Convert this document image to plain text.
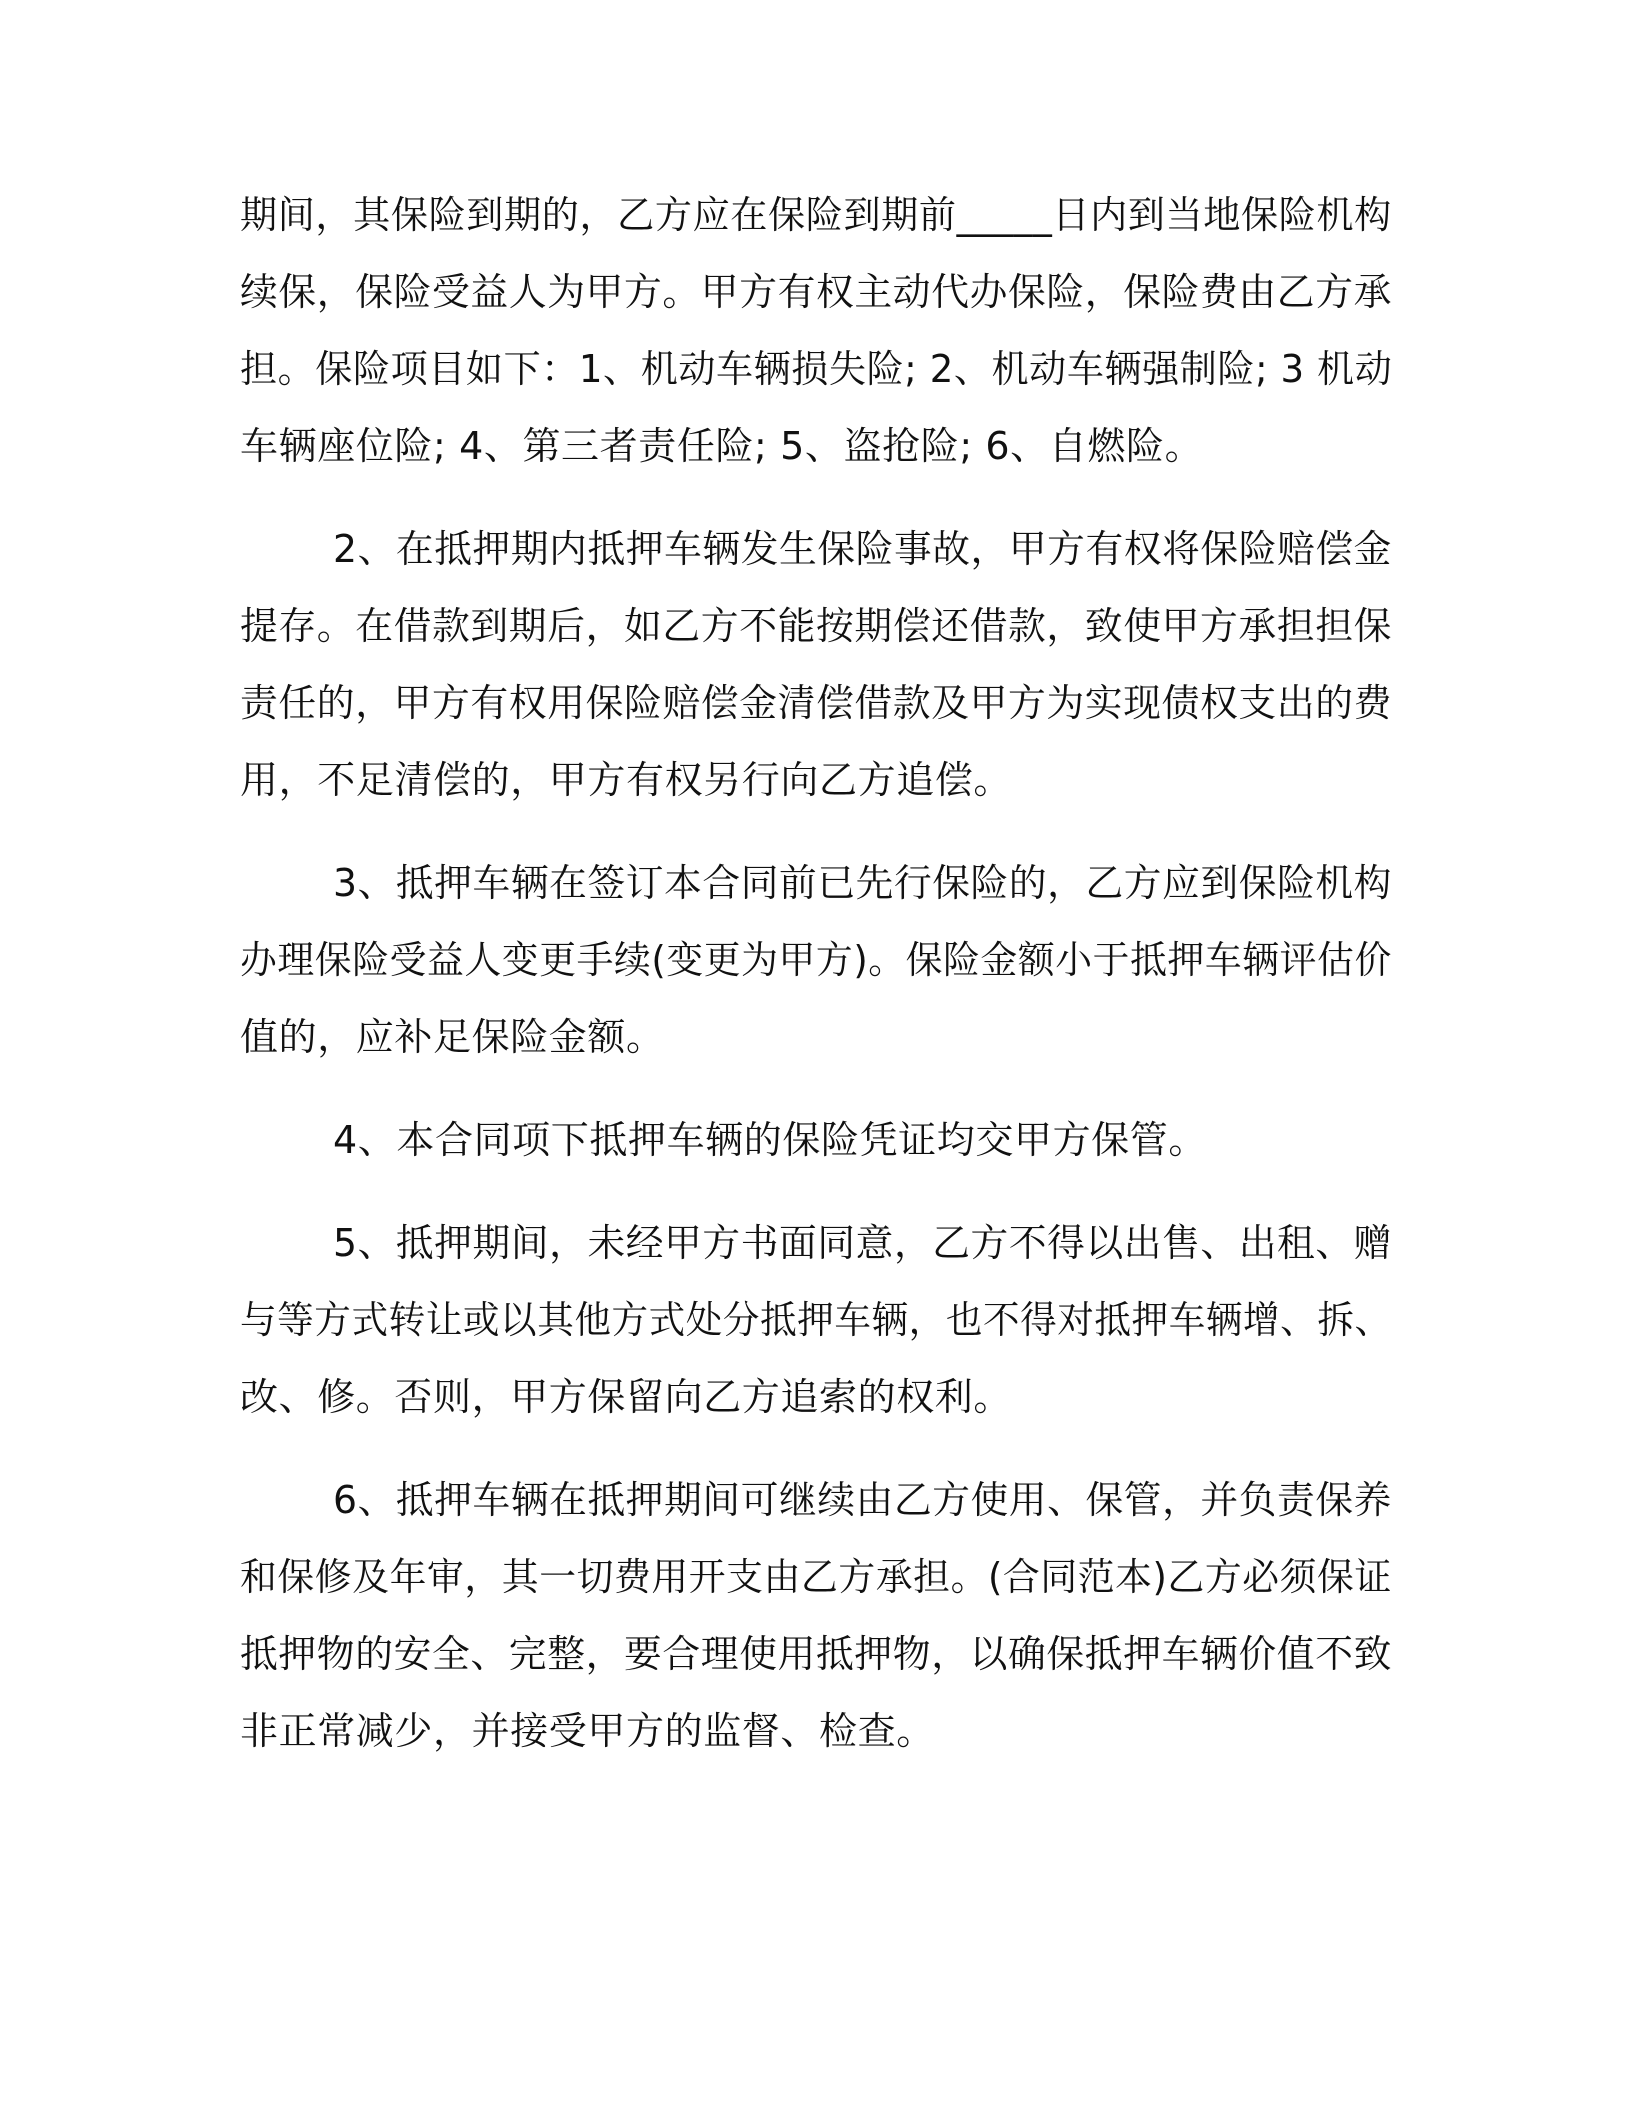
期间，其保险到期的，乙方应在保险到期前_____日内到当地保险机构

续保，保险受益人为甲方。甲方有权主动代办保险，保险费由乙方承

担。保险项目如下：1、机动车辆损失险; 2、机动车辆强制险; 3 机动

车辆座位险; 4、第三者责任险; 5、盗抢险; 6、自燃险。

2、在抵押期内抵押车辆发生保险事故，甲方有权将保险赔偿金

提存。在借款到期后，如乙方不能按期偿还借款，致使甲方承担担保

责任的，甲方有权用保险赔偿金清偿借款及甲方为实现债权支出的费

用，不足清偿的，甲方有权另行向乙方追偿。

3、抵押车辆在签订本合同前已先行保险的，乙方应到保险机构

办理保险受益人变更手续(变更为甲方)。保险金额小于抵押车辆评估价

值的，应补足保险金额。

4、本合同项下抵押车辆的保险凭证均交甲方保管。

5、抵押期间，未经甲方书面同意，乙方不得以出售、出租、赠

与等方式转让或以其他方式处分抵押车辆，也不得对抵押车辆增、拆、

改、修。否则，甲方保留向乙方追索的权利。

6、抵押车辆在抵押期间可继续由乙方使用、保管，并负责保养

和保修及年审，其一切费用开支由乙方承担。(合同范本)乙方必须保证

抵押物的安全、完整，要合理使用抵押物，以确保抵押车辆价值不致

非正常减少，并接受甲方的监督、检查。
